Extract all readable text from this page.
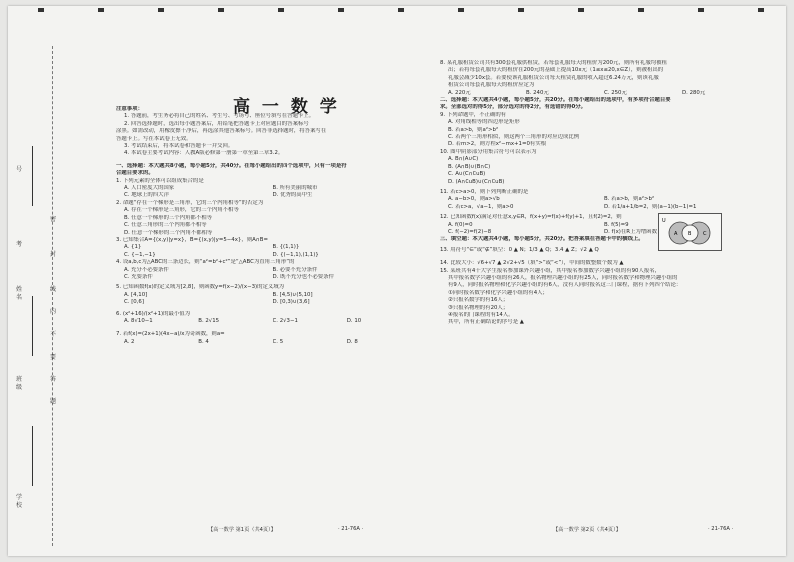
号
考
姓名
班级
学校
密
封
线
内
不
要
答
题
高 一 数 学

注意事项：

1. 答题前，考生务必将自己的姓名、考生号、考场号、座位号填写在答题卡上。

2. 回答选择题时，选出每小题答案后，用铅笔把答题卡上对应题目的答案标号

涂黑。如需改动，用橡皮擦干净后，再选涂其他答案标号。回答非选择题时，将答案写在

答题卡上。写在本试卷上无效。

3. 考试结束后，将本试卷和答题卡一并交回。

4. 本试卷主要考试内容：人教A版必修第一册第一章至第三章3.2。

一、选择题：本大题共8小题，每小题5分，共40分。在每小题给出的四个选项中，只有一项是符

合题目要求的。

1. 下列元素的全体可以组成集合的是

A. 人口密度大的国家	B. 所有美丽的城市
C. 地球上的四大洋	D. 优秀的高中生

2. 命题“存在一个梯形是三角形，它的三个内角相等”的否定为

A. 存在一个梯形是三角形，它的三个内角不相等

B. 任意一个梯形的三个内角都不相等

C. 任意三角形的三个内角都不相等

D. 任意一个梯形的三个内角不都相等

3. 已知集合A={(x,y)|y=x}，B={(x,y)|y=5−4x}，则A∩B=

A. {1}	B. {(1,1)}
C. {−1,−1}	D. {(−1,1),(1,1)}

4. 设a,b,c为△ABC的三条边长，则“a²=b²+c²”是“△ABC为直角三角形”的

A. 充分不必要条件	B. 必要不充分条件
C. 充要条件	D. 既不充分也不必要条件

5. 已知函数f(x)的定义域为[2,8]，则函数y=f(x−2)/(x−3)的定义域为

A. [4,10]	B. [4,5)∪(5,10]
C. [0,6]	D. [0,3)∪(3,6]

6. (x²+16)/(x²+1)的最小值为

A. 8√10−1	B. 2√15	C. 2√3−1	D. 10

7. 若f(x)=(2x+1)(4x−a)/x为奇函数，则a=

A. 2	B. 4	C. 5	D. 8
【高一数学 第1页（共4页）】	· 21-76A ·

8. 某礼服租赁公司共有300套礼服供租赁，若每套礼服每天的租价为200元，则所有礼服均被租

出；若将每套礼服每天的租价在200元的基础上提高10x元（1≤x≤20,x∈Z），则被租出的

礼服会减少10x套。若要使该礼服租赁公司每天租赁礼服的收入超过6.24万元，则该礼服

租赁公司每套礼服每天的租价应定为

A. 220元	B. 240元	C. 250元	D. 280元

二、选择题：本大题共4小题，每小题5分，共20分。在每小题给出的选项中，有多项符合题目要

求。全部选对的得5分，部分选对的得2分，有选错的得0分。

9. 下列命题中，不正确的有

A. 对角线相等的四边形是矩形

B. 若a>b，则a²>b²

C. 若两个三角形相似，则这两个三角形的对应边成比例

D. 若m>2，则方程x²−mx+1=0有实根

10. 图中阴影部分用集合符号可以表示为

A. B∩(A∪C)

B. (A∩B)∪(B∩C)

C. A∪(C∩∁uB)

D. (A∩∁uB)∪(C∩∁uB)

11. 若c>a>0，则下列判断正确的是

A. a−b>0，则a>√b	B. 若a>b，则a²>b²
C. 若c>a，√a−1，则a>0	D. 若1/a+1/b=2，则(a−1)(b−1)=1

12. 已知函数f(x)满足对任意x,y∈R，f(x+y)=f(x)+f(y)+1，且f(2)=2，则

A. f(0)=0	B. f(5)=9
C. f(−2)=f(2)−8	D. f(x)在R上为增函数

三、填空题：本大题共4小题，每小题5分，共20分。把答案填在答题卡中的横线上。

13. 用符号“∈”或“∉”填空：0 ▲ N；1/3 ▲ Q；3.4 ▲ Z；√2 ▲ Q

14. 比较大小：√6+√7 ▲ 2√2+√5（填“>”或“<”），中间的数整数个数为 ▲

15. 某班共有4十大学生报名参加课外兴趣小组，其中报名参加数学兴趣小组的有90人报名，

其中报名数学兴趣小组的有26人，报名物理兴趣小组的有25人，同时报名数学和物理兴趣小组的

有9人，同时报名物理和化学兴趣小组的有6人，没有人同时报名这三门课程，据有下列四个结论：

①同时报名数学和化学兴趣小组的有4人；

②只报名数学的有16人；

③只报名物理的有20人；

④报名的门课程的有14人。

其中，所有正确结论的序号是 ▲

U
A B C
【高一数学 第2页（共4页）】	· 21-76A ·
